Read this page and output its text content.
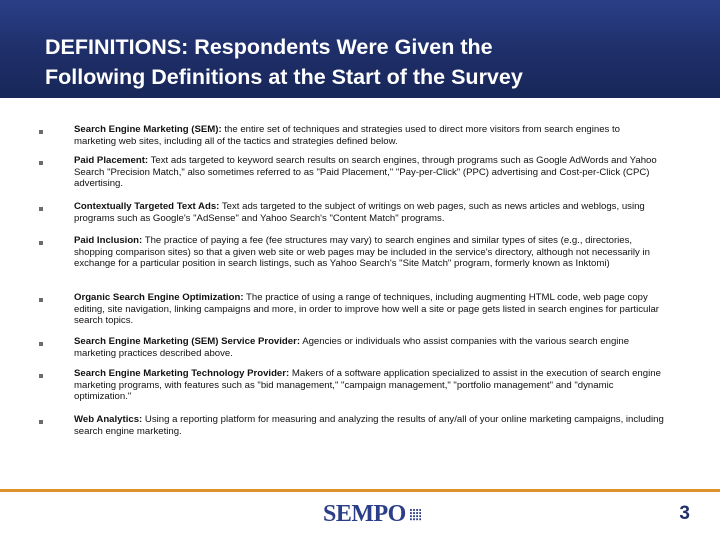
DEFINITIONS: Respondents Were Given the
Following Definitions at the Start of the Survey
Search Engine Marketing (SEM): the entire set of techniques and strategies used to direct more visitors from search engines to marketing web sites, including all of the tactics and strategies defined below.
Paid Placement: Text ads targeted to keyword search results on search engines, through programs such as Google AdWords and Yahoo Search "Precision Match," also sometimes referred to as "Paid Placement," "Pay-per-Click" (PPC) advertising and Cost-per-Click (CPC) advertising.
Contextually Targeted Text Ads: Text ads targeted to the subject of writings on web pages, such as news articles and weblogs, using programs such as Google's "AdSense" and Yahoo Search's "Content Match" programs.
Paid Inclusion: The practice of paying a fee (fee structures may vary) to search engines and similar types of sites (e.g., directories, shopping comparison sites) so that a given web site or web pages may be included in the service's directory, although not necessarily in exchange for a particular position in search listings, such as Yahoo Search's "Site Match" program, formerly known as Inktomi)
Organic Search Engine Optimization: The practice of using a range of techniques, including augmenting HTML code, web page copy editing, site navigation, linking campaigns and more, in order to improve how well a site or page gets listed in search engines for particular search topics.
Search Engine Marketing (SEM) Service Provider: Agencies or individuals who assist companies with the various search engine marketing practices described above.
Search Engine Marketing Technology Provider: Makers of a software application specialized to assist in the execution of search engine marketing programs, with features such as "bid management," "campaign management," "portfolio management" and "dynamic optimization."
Web Analytics: Using a reporting platform for measuring and analyzing the results of any/all of your online marketing campaigns, including search engine marketing.
SEMPO	3
